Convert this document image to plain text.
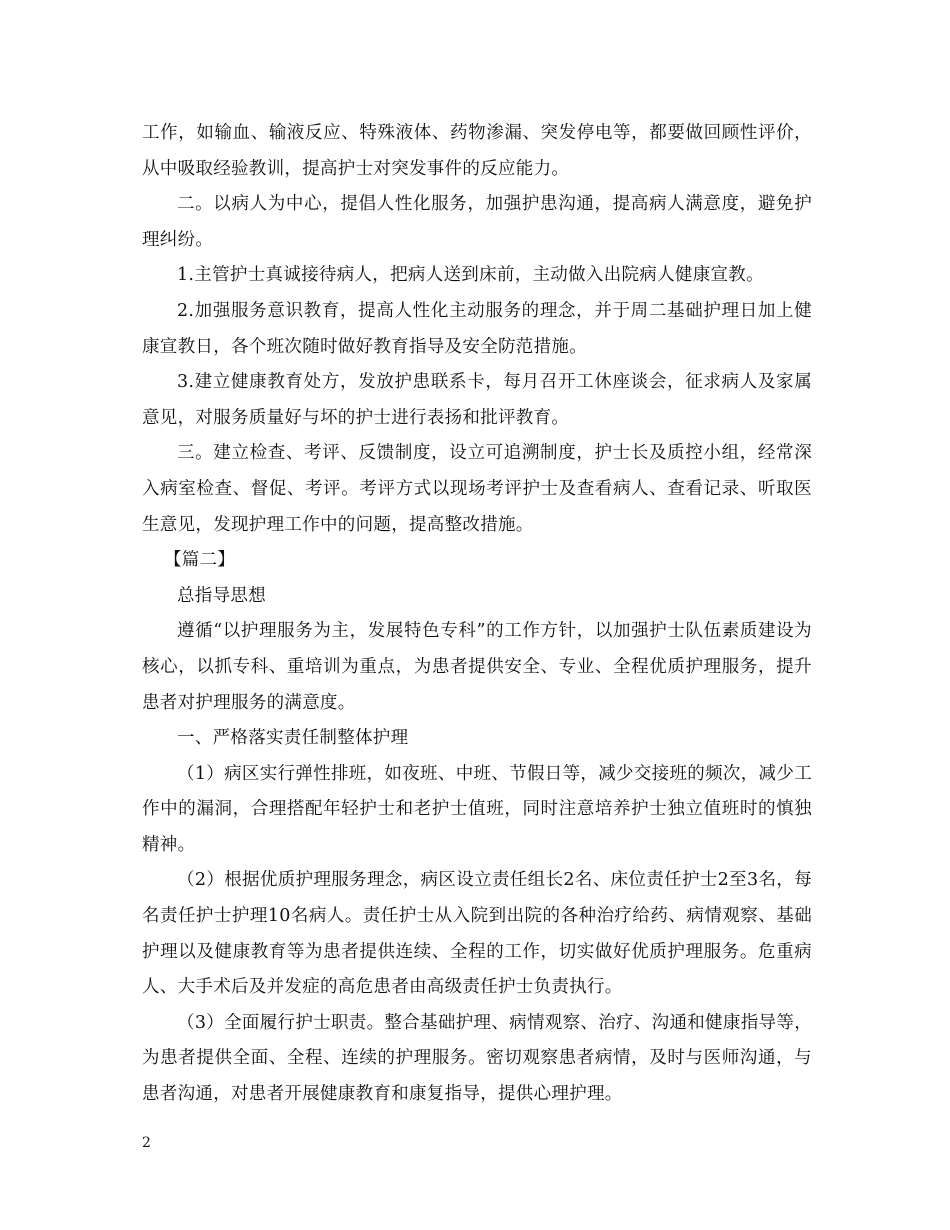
工作，如输血、输液反应、特殊液体、药物渗漏、突发停电等，都要做回顾性评价，从中吸取经验教训，提高护士对突发事件的反应能力。

二。以病人为中心，提倡人性化服务，加强护患沟通，提高病人满意度，避免护理纠纷。

1.主管护士真诚接待病人，把病人送到床前，主动做入出院病人健康宣教。

2.加强服务意识教育，提高人性化主动服务的理念，并于周二基础护理日加上健康宣教日，各个班次随时做好教育指导及安全防范措施。

3.建立健康教育处方，发放护患联系卡，每月召开工休座谈会，征求病人及家属意见，对服务质量好与坏的护士进行表扬和批评教育。

三。建立检查、考评、反馈制度，设立可追溯制度，护士长及质控小组，经常深入病室检查、督促、考评。考评方式以现场考评护士及查看病人、查看记录、听取医生意见，发现护理工作中的问题，提高整改措施。

【篇二】

总指导思想

遵循“以护理服务为主，发展特色专科”的工作方针，以加强护士队伍素质建设为核心，以抓专科、重培训为重点，为患者提供安全、专业、全程优质护理服务，提升患者对护理服务的满意度。

一、严格落实责任制整体护理

（1）病区实行弹性排班，如夜班、中班、节假日等，减少交接班的频次，减少工作中的漏洞，合理搭配年轻护士和老护士值班，同时注意培养护士独立值班时的慎独精神。

（2）根据优质护理服务理念，病区设立责任组长2名、床位责任护士2至3名，每名责任护士护理10名病人。责任护士从入院到出院的各种治疗给药、病情观察、基础护理以及健康教育等为患者提供连续、全程的工作，切实做好优质护理服务。危重病人、大手术后及并发症的高危患者由高级责任护士负责执行。

（3）全面履行护士职责。整合基础护理、病情观察、治疗、沟通和健康指导等，为患者提供全面、全程、连续的护理服务。密切观察患者病情，及时与医师沟通，与患者沟通，对患者开展健康教育和康复指导，提供心理护理。

2
